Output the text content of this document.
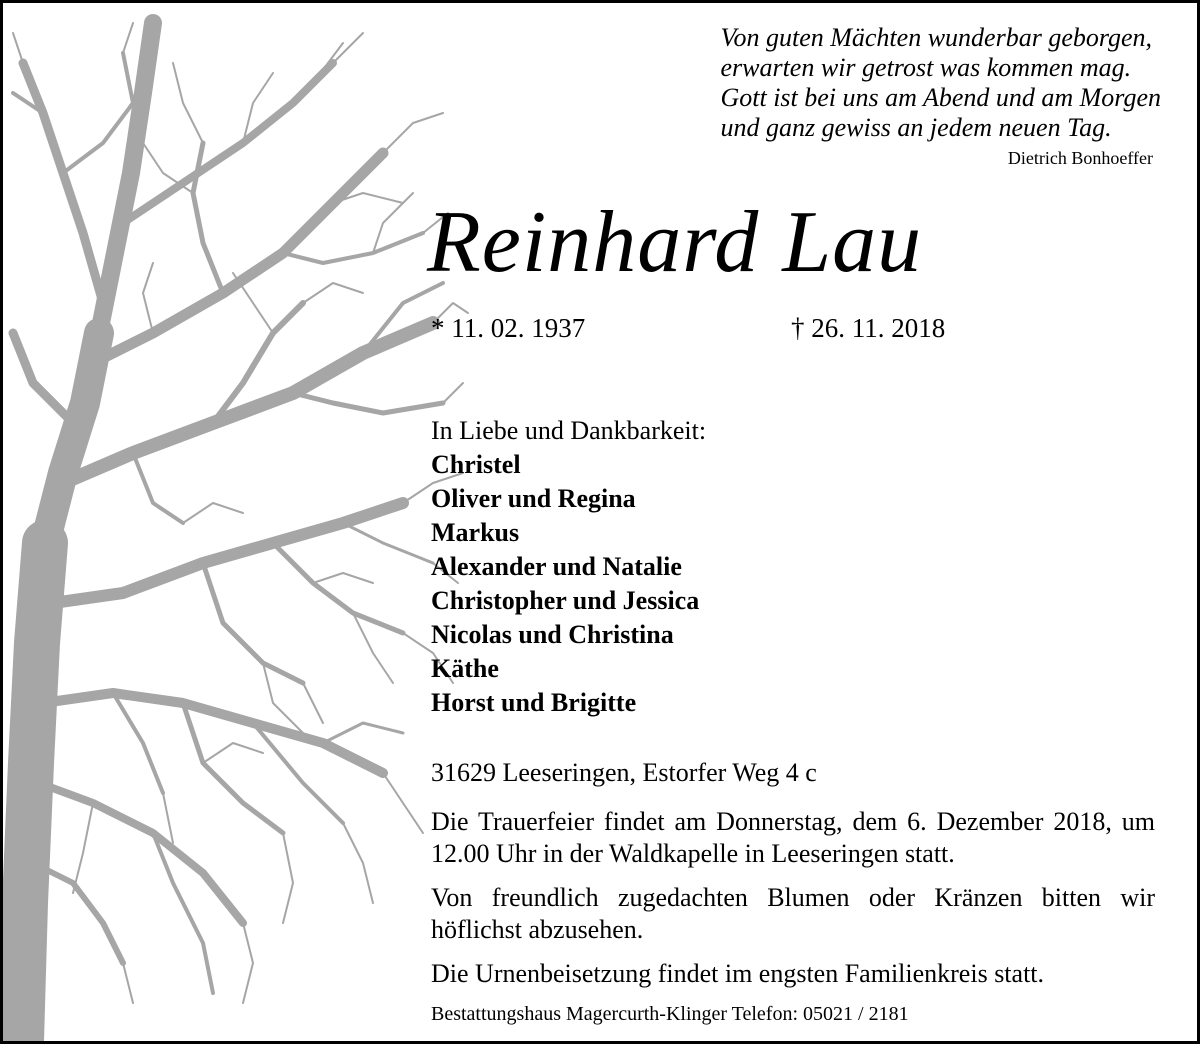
Von guten Mächten wunderbar geborgen,
erwarten wir getrost was kommen mag.
Gott ist bei uns am Abend und am Morgen
und ganz gewiss an jedem neuen Tag.
Dietrich Bonhoeffer
Reinhard Lau
* 11. 02. 1937	† 26. 11. 2018
In Liebe und Dankbarkeit:
Christel
Oliver und Regina
Markus
Alexander und Natalie
Christopher und Jessica
Nicolas und Christina
Käthe
Horst und Brigitte
31629 Leeseringen, Estorfer Weg 4 c
Die Trauerfeier findet am Donnerstag, dem 6. Dezember 2018, um 12.00 Uhr in der Waldkapelle in Leeseringen statt.
Von freundlich zugedachten Blumen oder Kränzen bitten wir höflichst abzusehen.
Die Urnenbeisetzung findet im engsten Familienkreis statt.
Bestattungshaus Magercurth-Klinger Telefon: 05021 / 2181
